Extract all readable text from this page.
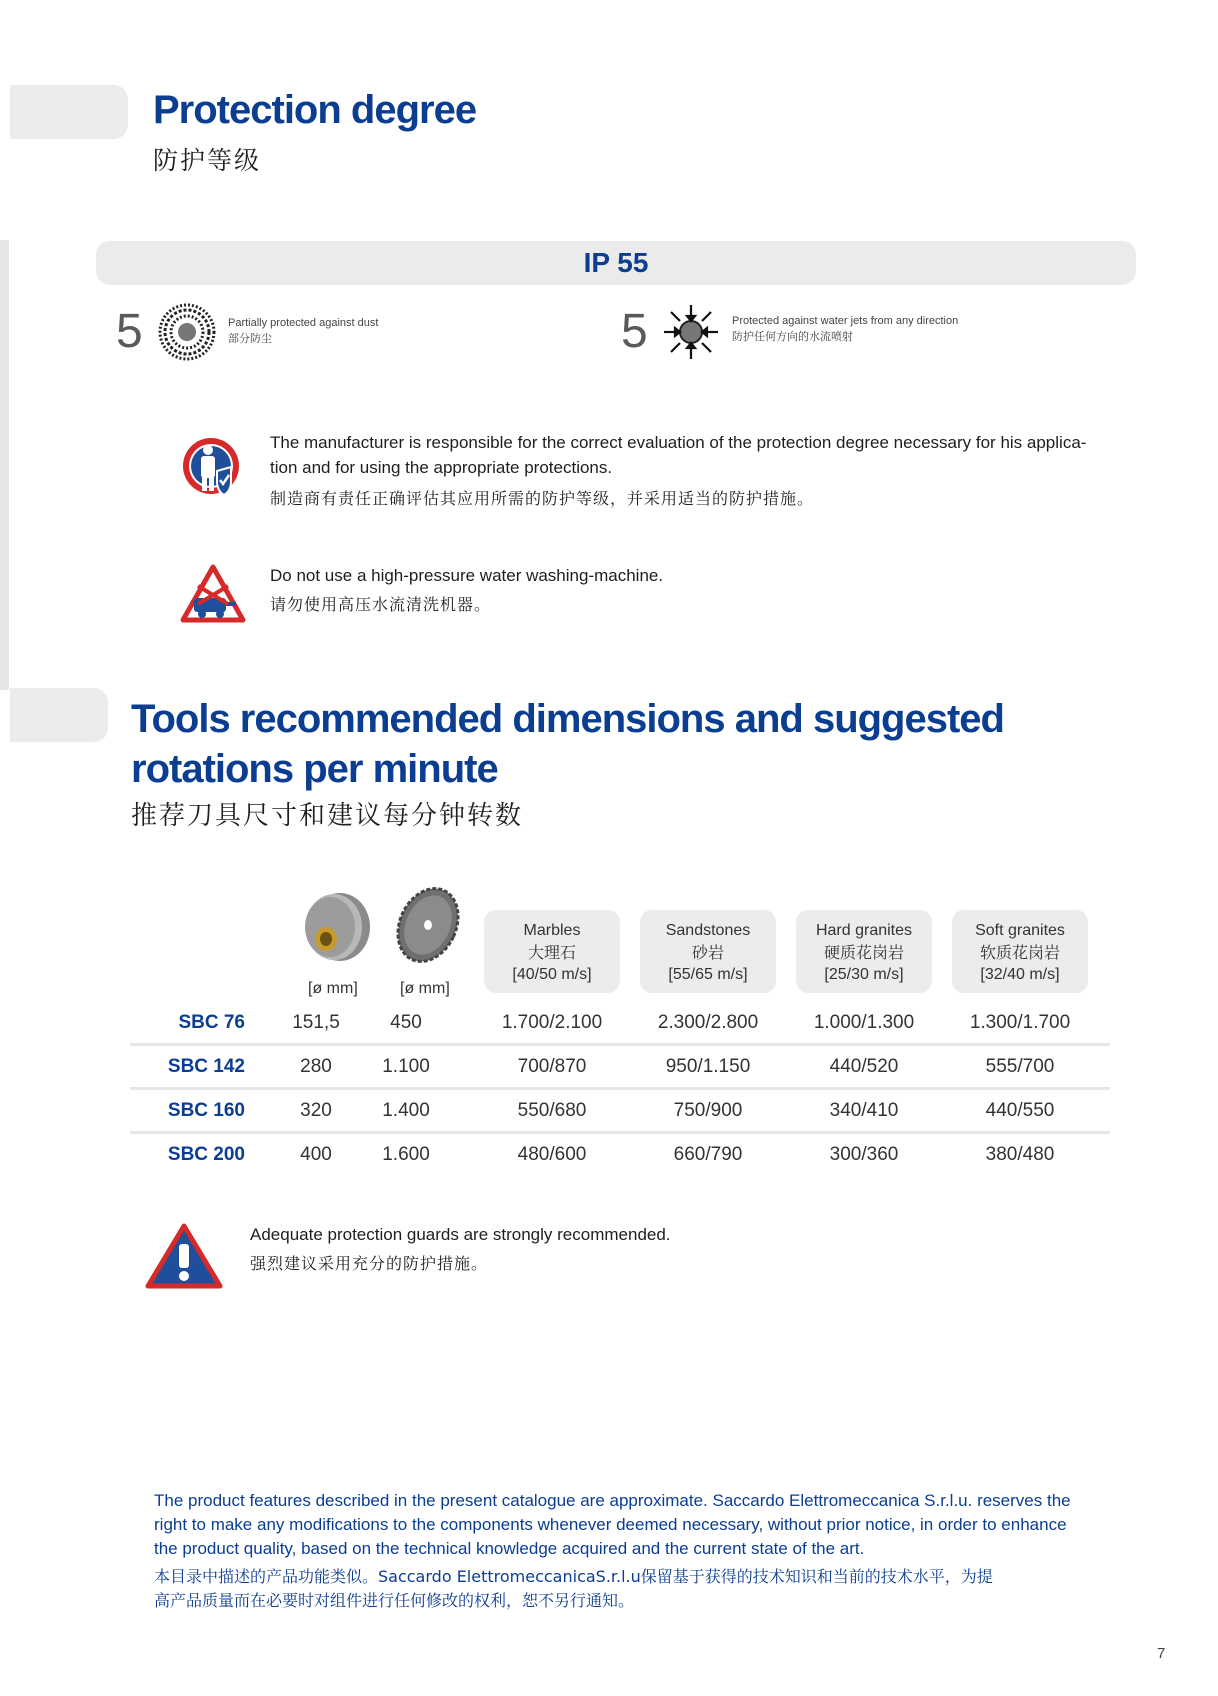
Protection degree
防护等级
IP 55
5	Partially protected against dust
部分防尘	5	Protected against water jets from any direction
防护任何方向的水流喷射
The manufacturer is responsible for the correct evaluation of the protection degree necessary for his applica-
tion and for using the appropriate protections.
制造商有责任正确评估其应用所需的防护等级，并采用适当的防护措施。
Do not use a high-pressure water washing-machine.
请勿使用高压水流清洗机器。
Tools recommended dimensions and suggested
rotations per minute
推荐刀具尺寸和建议每分钟转数
[ø mm]	[ø mm]
Marbles
大理石
[40/50 m/s]
Sandstones
砂岩
[55/65 m/s]
Hard granites
硬质花岗岩
[25/30 m/s]
Soft granites
软质花岗岩
[32/40 m/s]
SBC 76	151,5	450	1.700/2.100	2.300/2.800	1.000/1.300	1.300/1.700
SBC 142	280	1.100	700/870	950/1.150	440/520	555/700
SBC 160	320	1.400	550/680	750/900	340/410	440/550
SBC 200	400	1.600	480/600	660/790	300/360	380/480
Adequate protection guards are strongly recommended.
强烈建议采用充分的防护措施。
The product features described in the present catalogue are approximate. Saccardo Elettromeccanica S.r.l.u. reserves the
right to make any modifications to the components whenever deemed necessary, without prior notice, in order to enhance
the product quality, based on the technical knowledge acquired and the current state of the art.
本目录中描述的产品功能类似。Saccardo ElettromeccanicaS.r.l.u保留基于获得的技术知识和当前的技术水平，为提
高产品质量而在必要时对组件进行任何修改的权利，恕不另行通知。
7
